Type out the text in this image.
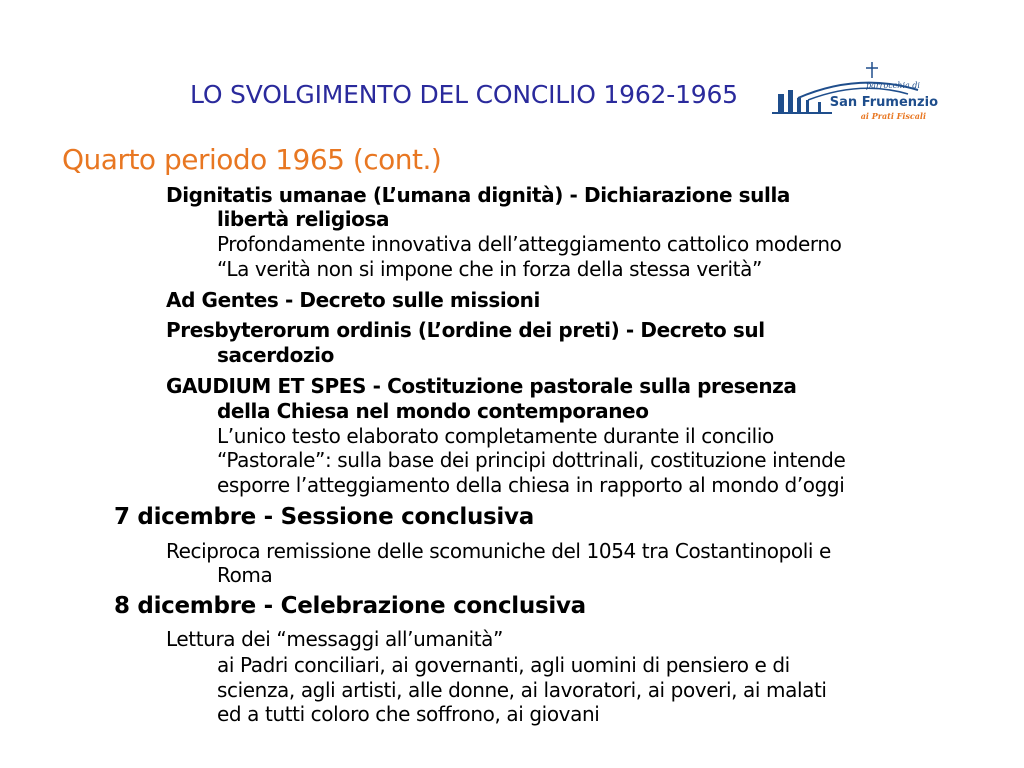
LO SVOLGIMENTO DEL CONCILIO 1962-1965	parrocchia di
San Frumenzio
ai Prati Fiscali
Quarto periodo 1965 (cont.)
Dignitatis umanae (L’umana dignità) - Dichiarazione sulla
libertà religiosa
Profondamente innovativa dell’atteggiamento cattolico moderno
“La verità non si impone che in forza della stessa verità”
Ad Gentes - Decreto sulle missioni
Presbyterorum ordinis (L’ordine dei preti) - Decreto sul
sacerdozio
GAUDIUM ET SPES - Costituzione pastorale sulla presenza
della Chiesa nel mondo contemporaneo
L’unico testo elaborato completamente durante il concilio
“Pastorale”: sulla base dei principi dottrinali, costituzione intende
esporre l’atteggiamento della chiesa in rapporto al mondo d’oggi
7 dicembre - Sessione conclusiva
Reciproca remissione delle scomuniche del 1054 tra Costantinopoli e
Roma
8 dicembre - Celebrazione conclusiva
Lettura dei “messaggi all’umanità”
ai Padri conciliari, ai governanti, agli uomini di pensiero e di
scienza, agli artisti, alle donne, ai lavoratori, ai poveri, ai malati
ed a tutti coloro che soffrono, ai giovani
